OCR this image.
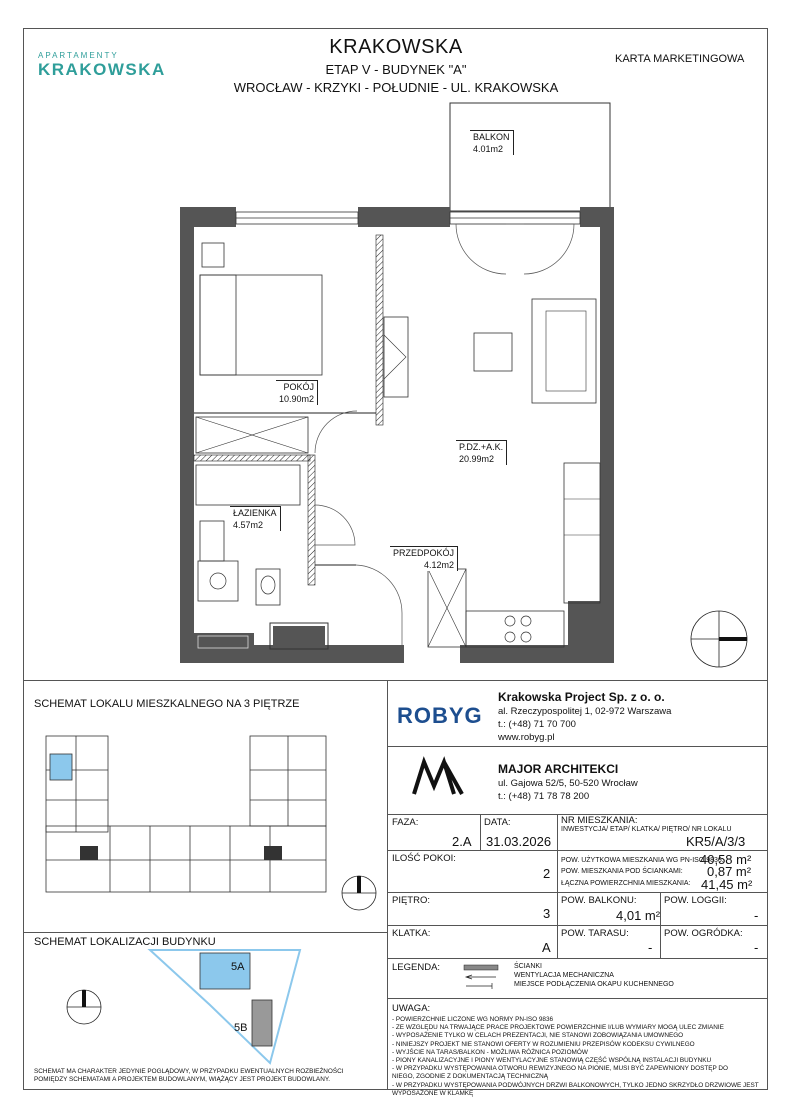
APARTAMENTY
KRAKOWSKA
KRAKOWSKA
ETAP V - BUDYNEK "A"
WROCŁAW - KRZYKI - POŁUDNIE - UL. KRAKOWSKA
KARTA MARKETINGOWA
BALKON
4.01m2
POKÓJ
10.90m2
P.DZ.+A.K.
20.99m2
ŁAZIENKA
4.57m2
PRZEDPOKÓJ
4.12m2
SCHEMAT LOKALU MIESZKALNEGO NA 3 PIĘTRZE
SCHEMAT LOKALIZACJI BUDYNKU
5A
5B
SCHEMAT MA CHARAKTER JEDYNIE POGLĄDOWY, W PRZYPADKU EWENTUALNYCH ROZBIEŻNOŚCI POMIĘDZY SCHEMATAMI A PROJEKTEM BUDOWLANYM, WIĄŻĄCY JEST PROJEKT BUDOWLANY.
ROBYG
Krakowska Project Sp. z o. o.
al. Rzeczypospolitej 1, 02-972 Warszawa
t.: (+48) 71 70 700
www.robyg.pl
MAJOR ARCHITEKCI
ul. Gajowa 52/5, 50-520 Wrocław
t.: (+48) 71 78 78 200
FAZA:
2.A
DATA:
31.03.2026
NR MIESZKANIA:
INWESTYCJA/ ETAP/ KLATKA/ PIĘTRO/ NR LOKALU
KR5/A/3/3
ILOŚĆ POKOI:
2
POW. UŻYTKOWA MIESZKANIA WG PN-ISO 9836:
40,58 m²
POW. MIESZKANIA POD ŚCIANKAMI: 0,87 m²
ŁĄCZNA POWIERZCHNIA MIESZKANIA: 41,45 m²
PIĘTRO:
3
POW. BALKONU:
4,01 m²
POW. LOGGII:
-
KLATKA:
A
POW. TARASU:
-
POW. OGRÓDKA:
-
LEGENDA:	ŚCIANKI
WENTYLACJA MECHANICZNA
MIEJSCE PODŁĄCZENIA OKAPU KUCHENNEGO
UWAGA:
- POWIERZCHNIE LICZONE WG NORMY PN-ISO 9836
- ZE WZGLĘDU NA TRWAJĄCE PRACE PROJEKTOWE POWIERZCHNIE I/LUB WYMIARY MOGĄ ULEC ZMIANIE
- WYPOSAŻENIE TYLKO W CELACH PREZENTACJI, NIE STANOWI ZOBOWIĄZANIA UMOWNEGO
- NINIEJSZY PROJEKT NIE STANOWI OFERTY W ROZUMIENIU PRZEPISÓW KODEKSU CYWILNEGO
- WYJŚCIE NA TARAS/BALKON - MOŻLIWA RÓŻNICA POZIOMÓW
- PIONY KANALIZACYJNE I PIONY WENTYLACYJNE STANOWIĄ CZĘŚĆ WSPÓLNĄ INSTALACJI BUDYNKU
- W PRZYPADKU WYSTĘPOWANIA OTWORU REWIZYJNEGO NA PIONIE, MUSI BYĆ ZAPEWNIONY DOSTĘP DO
NIEGO, ZGODNIE Z DOKUMENTACJĄ TECHNICZNĄ
- W PRZYPADKU WYSTĘPOWANIA PODWÓJNYCH DRZWI BALKONOWYCH, TYLKO JEDNO SKRZYDŁO DRZWIOWE JEST
WYPOSAŻONE W KLAMKĘ
